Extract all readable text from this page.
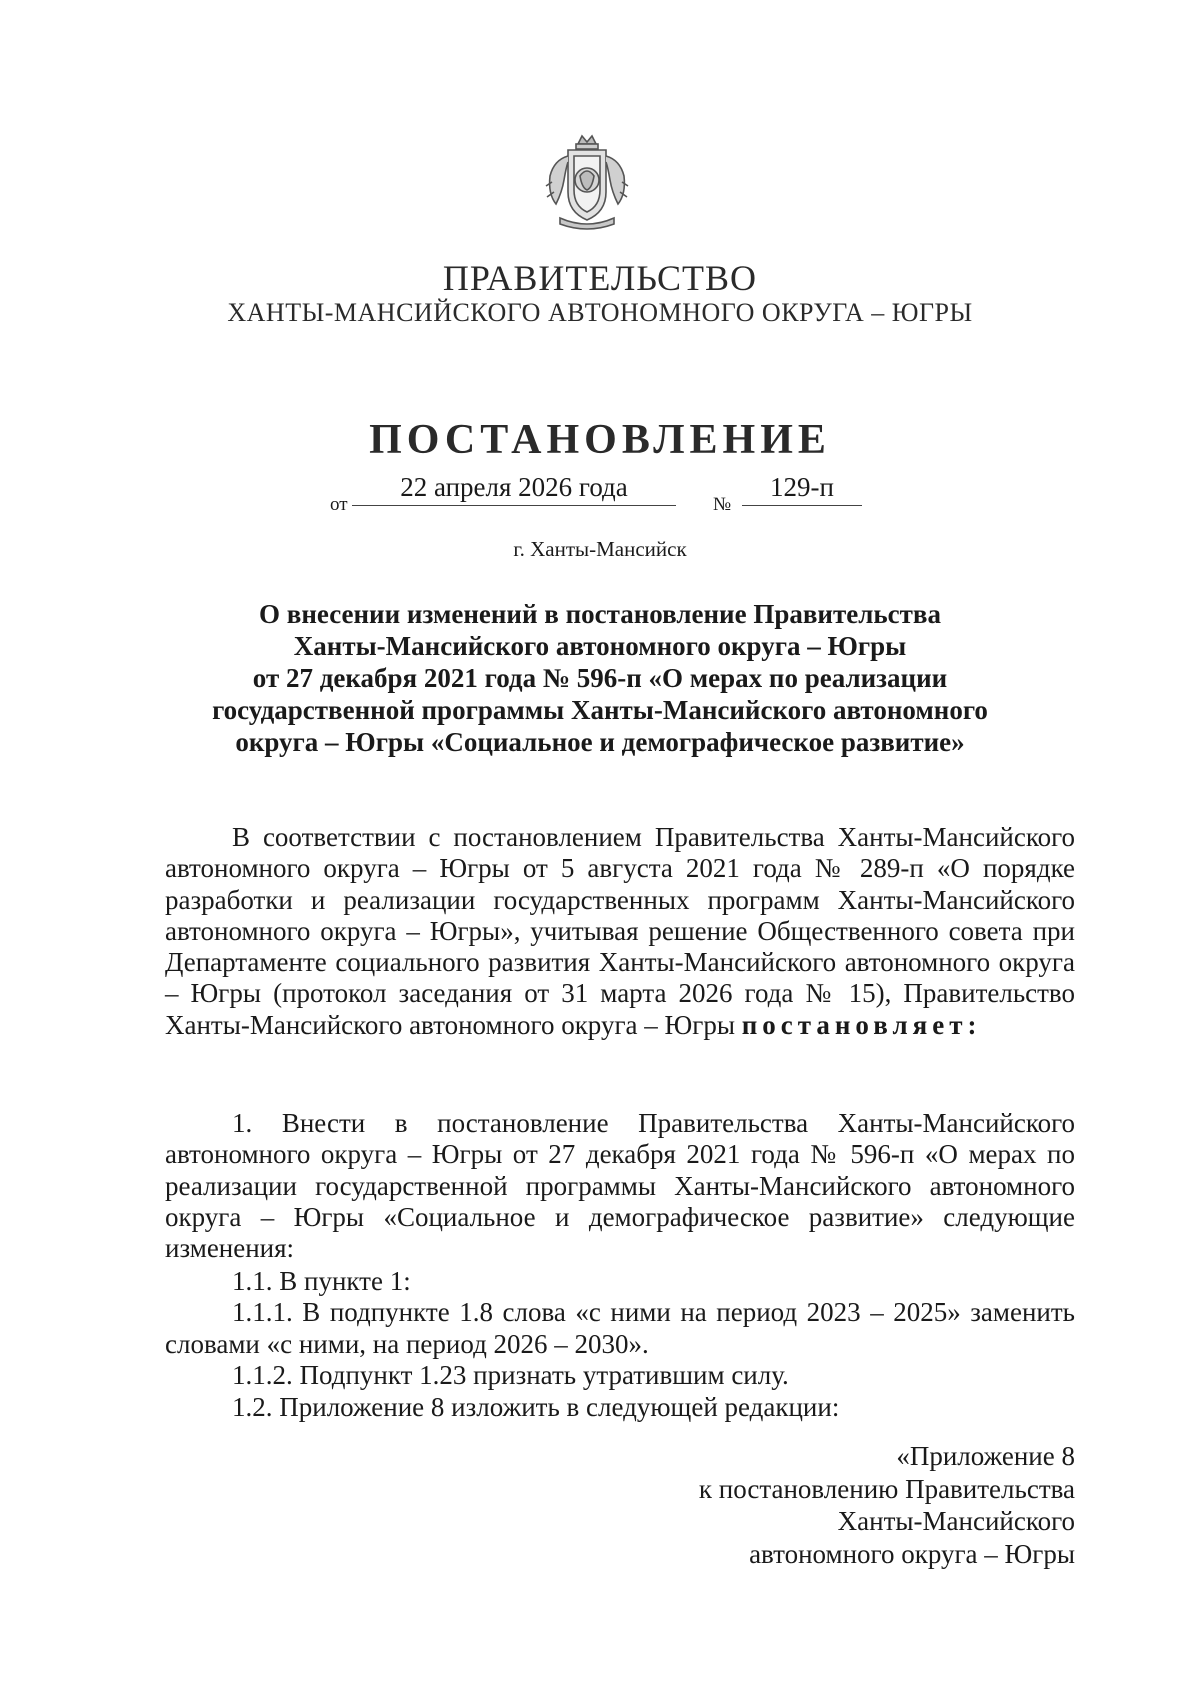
ПРАВИТЕЛЬСТВО
ХАНТЫ-МАНСИЙСКОГО АВТОНОМНОГО ОКРУГА – ЮГРЫ
ПОСТАНОВЛЕНИЕ
от
22 апреля 2026 года
№
129-п
г. Ханты-Мансийск
О внесении изменений в постановление Правительства
Ханты-Мансийского автономного округа – Югры
от 27 декабря 2021 года № 596-п «О мерах по реализации
государственной программы Ханты-Мансийского автономного
округа – Югры «Социальное и демографическое развитие»
В соответствии с постановлением Правительства Ханты-Мансийского автономного округа – Югры от 5 августа 2021 года № 289-п «О порядке разработки и реализации государственных программ Ханты-Мансийского автономного округа – Югры», учитывая решение Общественного совета при Департаменте социального развития Ханты-Мансийского автономного округа – Югры (протокол заседания от 31 марта 2026 года № 15), Правительство Ханты-Мансийского автономного округа – Югры постановляет:
1. Внести в постановление Правительства Ханты-Мансийского автономного округа – Югры от 27 декабря 2021 года № 596-п «О мерах по реализации государственной программы Ханты-Мансийского автономного округа – Югры «Социальное и демографическое развитие» следующие изменения:
1.1. В пункте 1:
1.1.1. В подпункте 1.8 слова «с ними на период 2023 – 2025» заменить словами «с ними, на период 2026 – 2030».
1.1.2. Подпункт 1.23 признать утратившим силу.
1.2. Приложение 8 изложить в следующей редакции:
«Приложение 8
к постановлению Правительства
Ханты-Мансийского
автономного округа – Югры
